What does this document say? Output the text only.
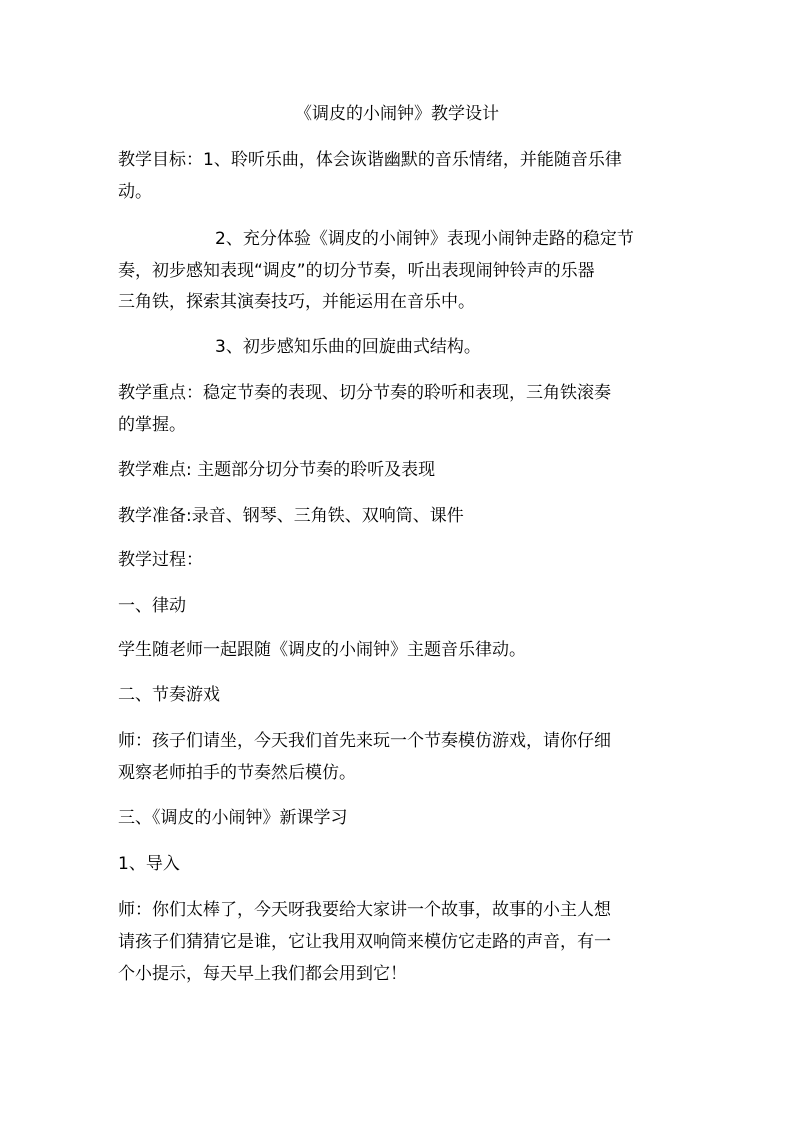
《调皮的小闹钟》教学设计
教学目标：1、聆听乐曲，体会诙谐幽默的音乐情绪，并能随音乐律
动。
2、充分体验《调皮的小闹钟》表现小闹钟走路的稳定节
奏，初步感知表现“调皮”的切分节奏，听出表现闹钟铃声的乐器
三角铁，探索其演奏技巧，并能运用在音乐中。
3、初步感知乐曲的回旋曲式结构。
教学重点：稳定节奏的表现、切分节奏的聆听和表现，三角铁滚奏
的掌握。
教学难点: 主题部分切分节奏的聆听及表现
教学准备:录音、钢琴、三角铁、双响筒、课件
教学过程：
一、律动
学生随老师一起跟随《调皮的小闹钟》主题音乐律动。
二、节奏游戏
师：孩子们请坐，今天我们首先来玩一个节奏模仿游戏，请你仔细
观察老师拍手的节奏然后模仿。
三、《调皮的小闹钟》新课学习
1、导入
师：你们太棒了，今天呀我要给大家讲一个故事，故事的小主人想
请孩子们猜猜它是谁，它让我用双响筒来模仿它走路的声音，有一
个小提示，每天早上我们都会用到它！
